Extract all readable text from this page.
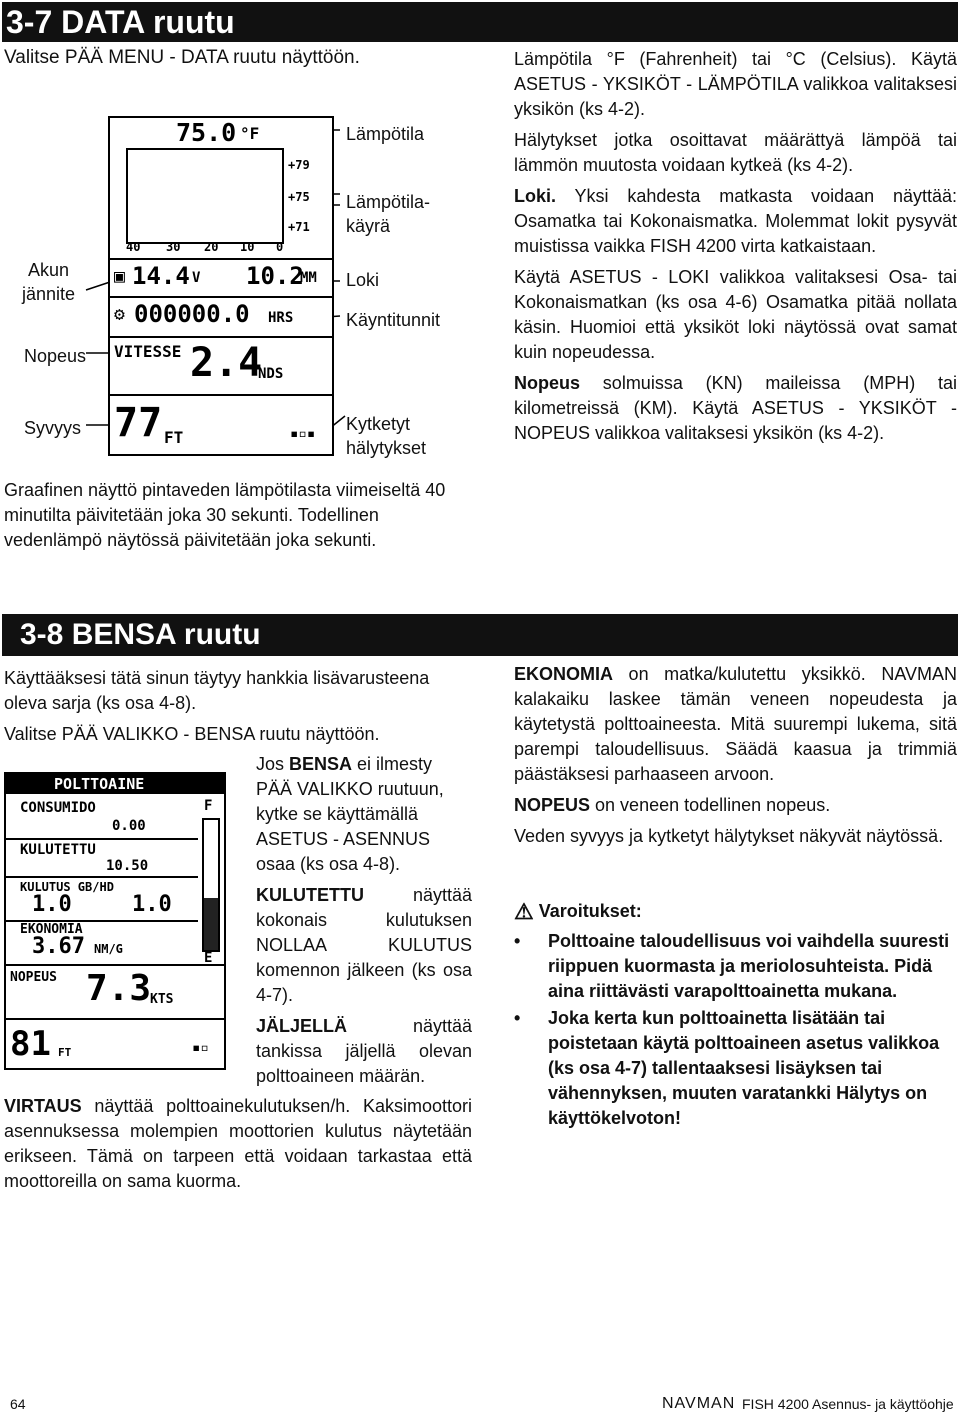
3-7 DATA ruutu
Valitse PÄÄ MENU - DATA ruutu näyttöön.
75.0 °F
+79
+75
+71
40 30 20 10 0
▣ 14.4 V 10.2
MM
⚙ 000000.0 HRS
VITESSE 2.4
NDS
77 FT	▪▫▪
Lämpötila
Lämpötila-
käyrä
Loki
Käyntitunnit
Kytketyt
hälytykset
Akun
jännite
Nopeus
Syvyys

Graafinen näyttö pintaveden lämpötilasta viimeiseltä 40 minutilta päivitetään joka 30 sekunti. Todellinen vedenlämpö näytössä päivitetään joka sekunti.

Lämpötila °F (Fahrenheit) tai °C (Celsius). Käytä ASETUS - YKSIKÖT - LÄMPÖTILA valikkoa valitaksesi yksikön (ks 4-2).

Hälytykset jotka osoittavat määrättyä lämpöä tai lämmön muutosta voidaan kytkeä (ks 4-2).

Loki. Yksi kahdesta matkasta voidaan näyttää: Osamatka tai Kokonaismatka. Molemmat lokit pysyvät muistissa vaikka FISH 4200 virta katkaistaan.

Käytä ASETUS - LOKI valikkoa valitaksesi Osa- tai Kokonaismatkan (ks osa 4-6) Osamatka pitää nollata käsin. Huomioi että yksiköt loki näytössä ovat samat kuin nopeudessa.

Nopeus solmuissa (KN) maileissa (MPH) tai kilometreissä (KM). Käytä ASETUS - YKSIKÖT - NOPEUS valikkoa valitaksesi yksikön (ks 4-2).

3-8 BENSA ruutu

Käyttääksesi tätä sinun täytyy hankkia lisävarusteena oleva sarja (ks osa 4-8).

Valitse PÄÄ VALIKKO - BENSA ruutu näyttöön.

POLTTOAINE
CONSUMIDO
0.00
KULUTETTU
10.50
KULUTUS GB/HD
1.0	1.0
EKONOMIA
3.67 NM/G
NOPEUS 7.3
KTS
81 FT	▪▫
F
E

Jos BENSA ei ilmesty PÄÄ VALIKKO ruutuun, kytke se käyttämällä ASETUS - ASENNUS osaa (ks osa 4-8).

KULUTETTU näyttää kokonais kulutuksen NOLLAA KULUTUS komennon jälkeen (ks osa 4-7).

JÄLJELLÄ näyttää tankissa jäljellä olevan polttoaineen määrän.

VIRTAUS näyttää polttoainekulutuksen/h. Kaksimoottori asennuksessa molempien moottorien kulutus näytetään erikseen. Tämä on tarpeen että voidaan tarkastaa että moottoreilla on sama kuorma.

EKONOMIA on matka/kulutettu yksikkö. NAVMAN kalakaiku laskee tämän veneen nopeudesta ja käytetystä polttoaineesta. Mitä suurempi lukema, sitä parempi taloudellisuus. Säädä kaasua ja trimmiä päästäksesi parhaaseen arvoon.

NOPEUS on veneen todellinen nopeus.

Veden syvyys ja kytketyt hälytykset näkyvät näytössä.

⚠ Varoitukset:
• Polttoaine taloudellisuus voi vaihdella suuresti riippuen kuormasta ja meriolosuhteista. Pidä aina riittävästi varapolttoainetta mukana.
• Joka kerta kun polttoainetta lisätään tai poistetaan käytä polttoaineen asetus valikkoa (ks osa 4-7) tallentaaksesi lisäyksen tai vähennyksen, muuten varatankki Hälytys on käyttökelvoton!
64	NAVMAN FISH 4200 Asennus- ja käyttöohje
